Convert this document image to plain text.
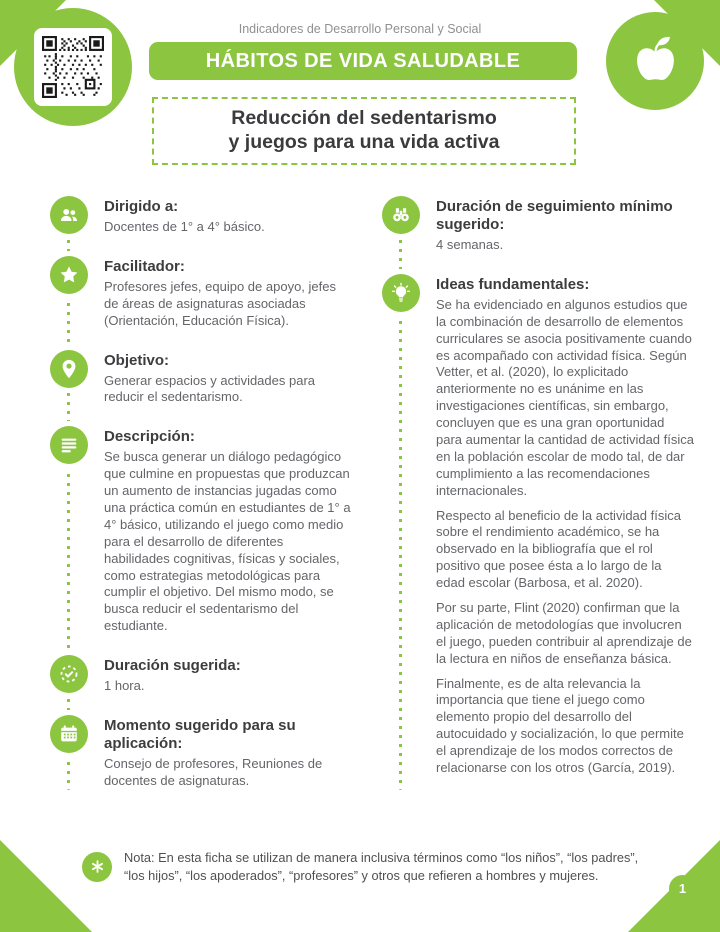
Indicadores de Desarrollo Personal y Social
HÁBITOS DE VIDA SALUDABLE
Reducción del sedentarismo
y juegos para una vida activa
Dirigido a:

Docentes de 1° a 4° básico.

Facilitador:

Profesores jefes, equipo de apoyo, jefes de áreas de asignaturas asociadas (Orientación, Educación Física).

Objetivo:

Generar espacios y actividades para reducir el sedentarismo.

Descripción:

Se busca generar un diálogo pedagógico que culmine en propuestas que produzcan un aumento de instancias jugadas como una práctica común en estudiantes de 1° a 4° básico, utilizando el juego como medio para el desarrollo de diferentes habilidades cognitivas, físicas y sociales, como estrategias metodológicas para cumplir el objetivo. Del mismo modo, se busca reducir el sedentarismo del estudiante.

Duración sugerida:

1 hora.

Momento sugerido para su aplicación:

Consejo de profesores, Reuniones de docentes de asignaturas.

Duración de seguimiento mínimo sugerido:

4 semanas.

Ideas fundamentales:

Se ha evidenciado en algunos estudios que la combinación de desarrollo de elementos curriculares se asocia positivamente cuando es acompañado con actividad física. Según Vetter, et al. (2020), lo explicitado anteriormente no es unánime en las investigaciones científicas, sin embargo, concluyen que es una gran oportunidad para aumentar la cantidad de actividad física en la población escolar de modo tal, de dar cumplimiento a las recomendaciones internacionales.

Respecto al beneficio de la actividad física sobre el rendimiento académico, se ha observado en la bibliografía que el rol positivo que posee ésta a lo largo de la edad escolar (Barbosa, et al. 2020).

Por su parte, Flint (2020) confirman que la aplicación de metodologías que involucren el juego, pueden contribuir al aprendizaje de la lectura en niños de enseñanza básica.

Finalmente, es de alta relevancia la importancia que tiene el juego como elemento propio del desarrollo del autocuidado y socialización, lo que permite el aprendizaje de los modos correctos de relacionarse con los otros (García, 2019).

Nota: En esta ficha se utilizan de manera inclusiva términos como “los niños”, “los padres”, “los hijos”, “los apoderados”, “profesores” y otros que refieren a hombres y mujeres.

1
